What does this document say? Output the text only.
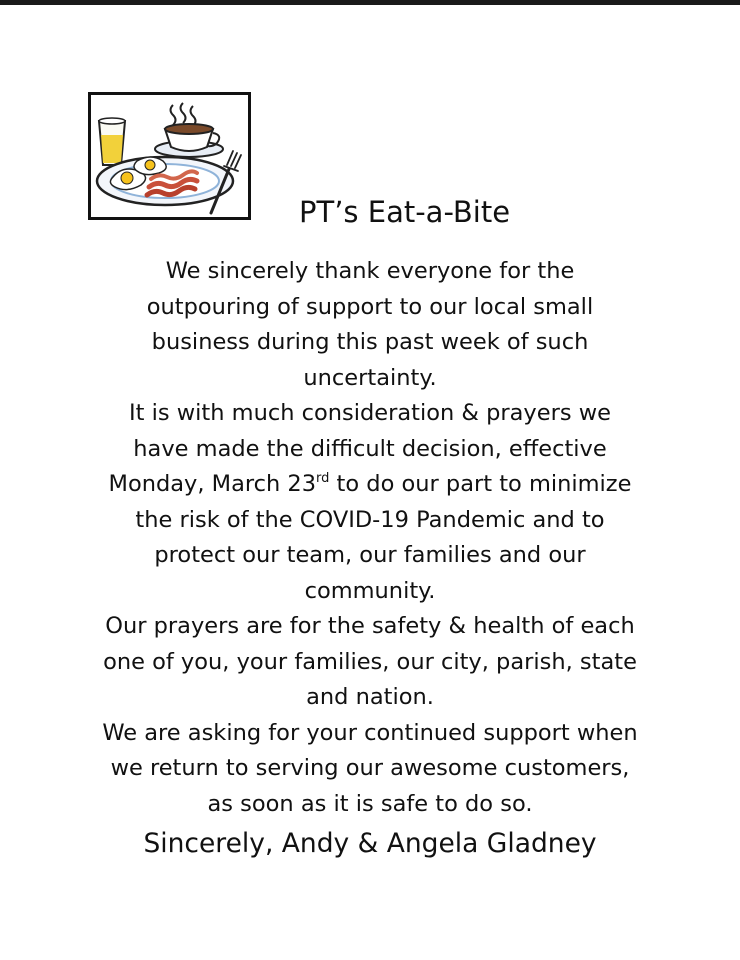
PT’s Eat-a-Bite
We sincerely thank everyone for the
outpouring of support to our local small
business during this past week of such
uncertainty.
It is with much consideration & prayers we
have made the difficult decision, effective
Monday, March 23rd to do our part to minimize
the risk of the COVID-19 Pandemic and to
protect our team, our families and our
community.
Our prayers are for the safety & health of each
one of you, your families, our city, parish, state
and nation.
We are asking for your continued support when
we return to serving our awesome customers,
as soon as it is safe to do so.
Sincerely, Andy & Angela Gladney
